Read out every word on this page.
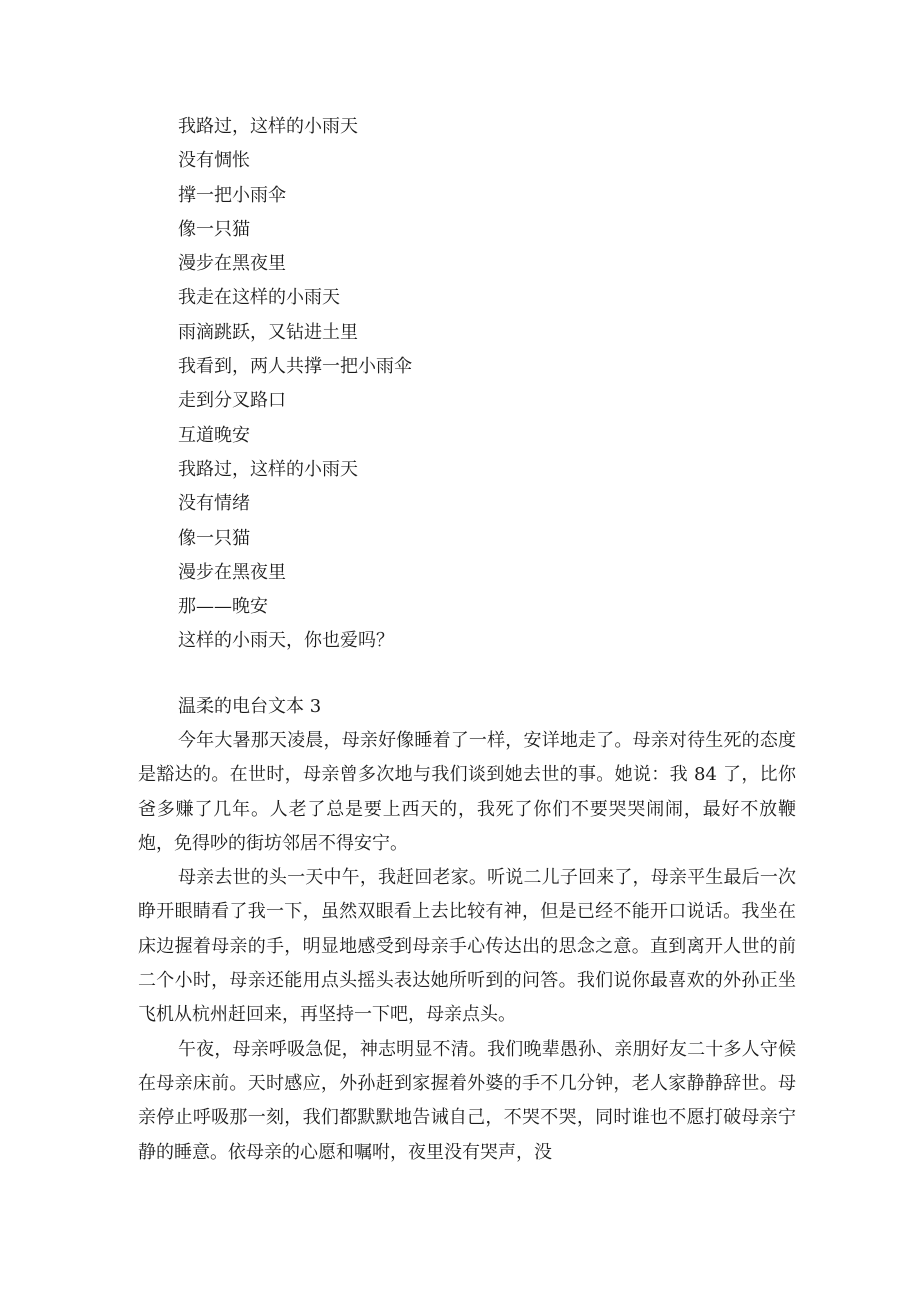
我路过，这样的小雨天
没有惆怅
撑一把小雨伞
像一只猫
漫步在黑夜里
我走在这样的小雨天
雨滴跳跃，又钻进土里
我看到，两人共撑一把小雨伞
走到分叉路口
互道晚安
我路过，这样的小雨天
没有情绪
像一只猫
漫步在黑夜里
那——晚安
这样的小雨天，你也爱吗？
温柔的电台文本 3

今年大暑那天凌晨，母亲好像睡着了一样，安详地走了。母亲对待生死的态度是豁达的。在世时，母亲曾多次地与我们谈到她去世的事。她说：我 84 了，比你爸多赚了几年。人老了总是要上西天的，我死了你们不要哭哭闹闹，最好不放鞭炮，免得吵的街坊邻居不得安宁。

母亲去世的头一天中午，我赶回老家。听说二儿子回来了，母亲平生最后一次睁开眼睛看了我一下，虽然双眼看上去比较有神，但是已经不能开口说话。我坐在床边握着母亲的手，明显地感受到母亲手心传达出的思念之意。直到离开人世的前二个小时，母亲还能用点头摇头表达她所听到的问答。我们说你最喜欢的外孙正坐飞机从杭州赶回来，再坚持一下吧，母亲点头。

午夜，母亲呼吸急促，神志明显不清。我们晚辈愚孙、亲朋好友二十多人守候在母亲床前。天时感应，外孙赶到家握着外婆的手不几分钟，老人家静静辞世。母亲停止呼吸那一刻，我们都默默地告诫自己，不哭不哭，同时谁也不愿打破母亲宁静的睡意。依母亲的心愿和嘱咐，夜里没有哭声，没
